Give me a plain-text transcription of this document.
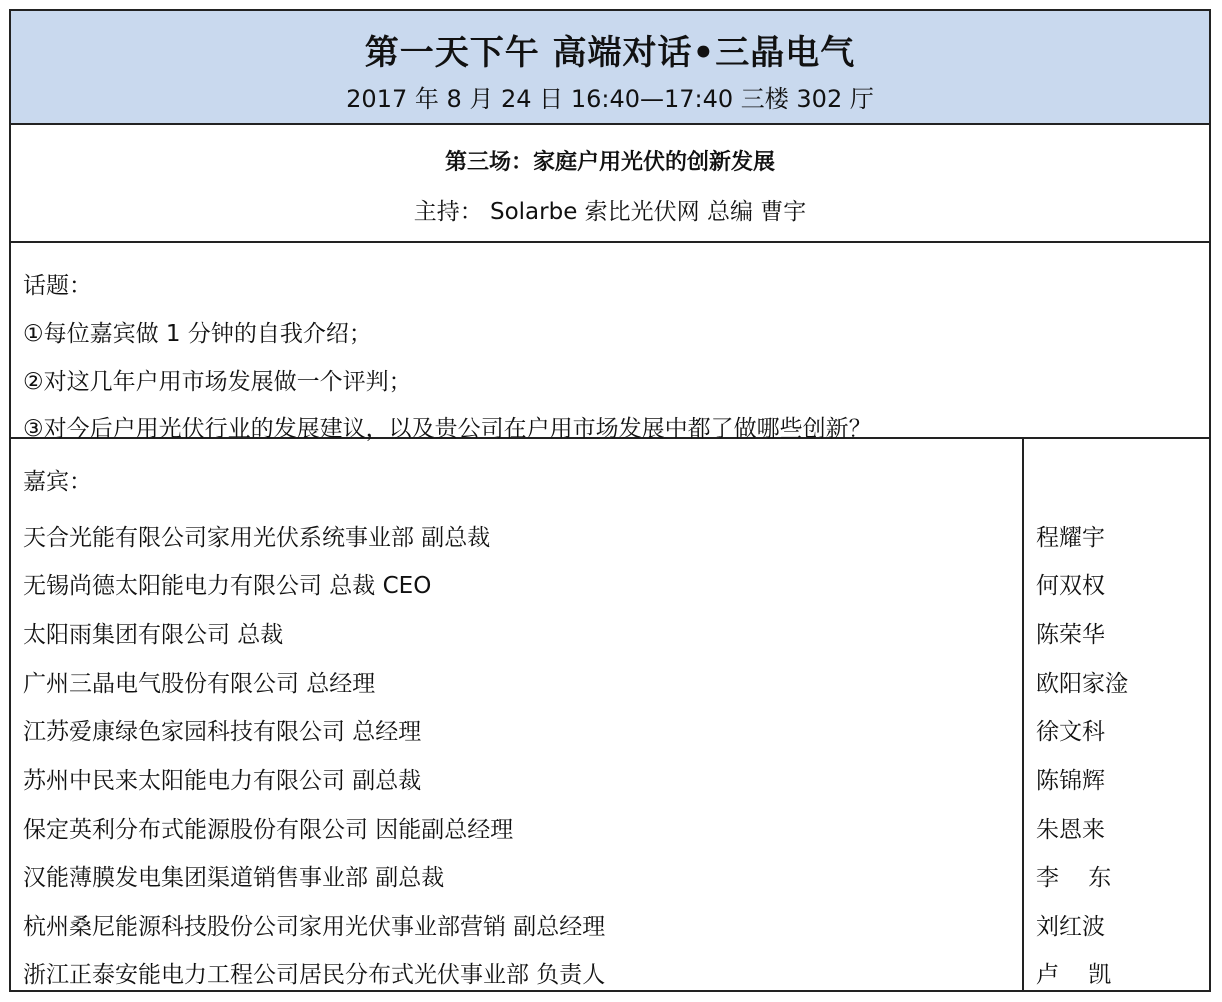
第一天下午 高端对话•三晶电气
2017 年 8 月 24 日 16:40—17:40 三楼 302 厅
第三场：家庭户用光伏的创新发展
主持： Solarbe 索比光伏网 总编 曹宇
话题：
①每位嘉宾做 1 分钟的自我介绍；
②对这几年户用市场发展做一个评判；
③对今后户用光伏行业的发展建议，以及贵公司在户用市场发展中都了做哪些创新？
嘉宾：
天合光能有限公司家用光伏系统事业部 副总裁	程耀宇
无锡尚德太阳能电力有限公司 总裁 CEO	何双权
太阳雨集团有限公司 总裁	陈荣华
广州三晶电气股份有限公司 总经理	欧阳家淦
江苏爱康绿色家园科技有限公司 总经理	徐文科
苏州中民来太阳能电力有限公司 副总裁	陈锦辉
保定英利分布式能源股份有限公司 因能副总经理	朱恩来
汉能薄膜发电集团渠道销售事业部 副总裁	李    东
杭州桑尼能源科技股份公司家用光伏事业部营销 副总经理	刘红波
浙江正泰安能电力工程公司居民分布式光伏事业部 负责人	卢    凯
